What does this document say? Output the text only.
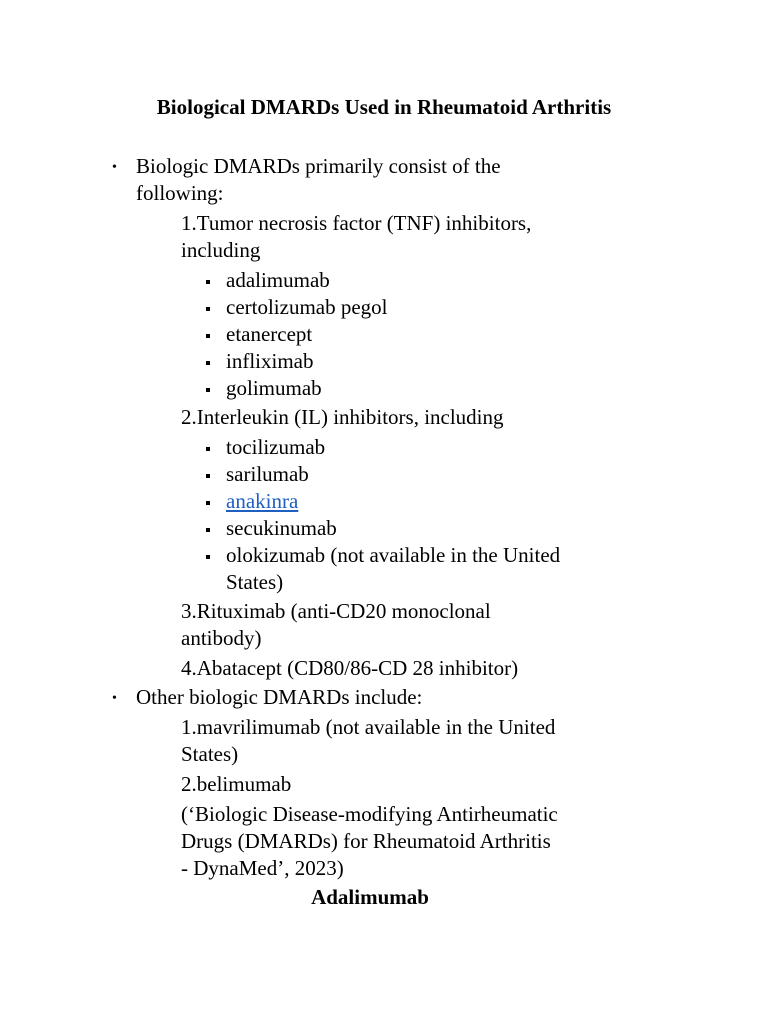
Biological DMARDs Used in Rheumatoid Arthritis
• Biologic DMARDs primarily consist of the
following:
1.Tumor necrosis factor (TNF) inhibitors,
including
adalimumab
certolizumab pegol
etanercept
infliximab
golimumab
2.Interleukin (IL) inhibitors, including
tocilizumab
sarilumab
anakinra
secukinumab
olokizumab (not available in the United
States)
3.Rituximab (anti-CD20 monoclonal
antibody)
4.Abatacept (CD80/86-CD 28 inhibitor)
• Other biologic DMARDs include:
1.mavrilimumab (not available in the United
States)
2.belimumab
(‘Biologic Disease-modifying Antirheumatic
Drugs (DMARDs) for Rheumatoid Arthritis
- DynaMed’, 2023)
Adalimumab
